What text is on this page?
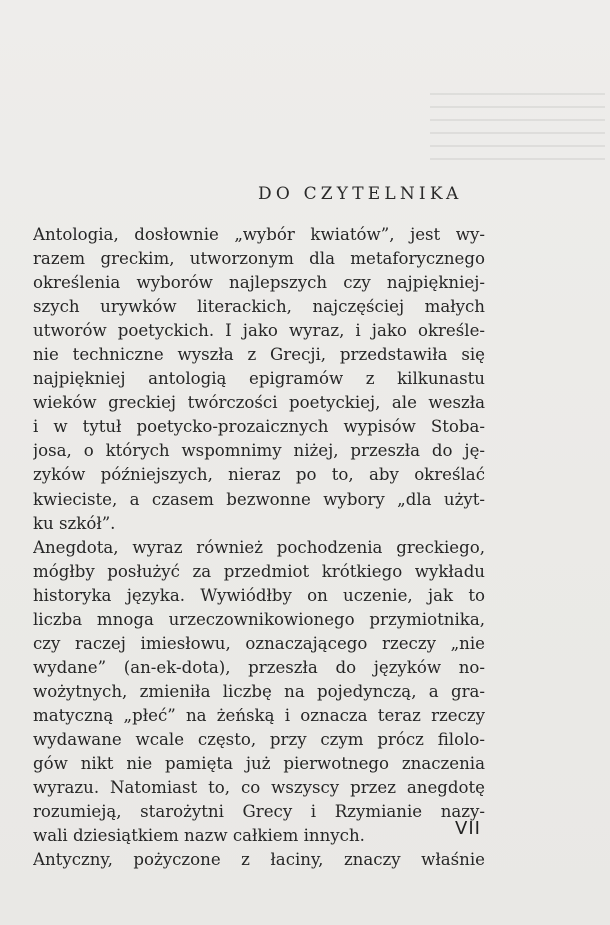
DO CZYTELNIKA
Antologia, dosłownie „wybór kwiatów”, jest wy-
razem greckim, utworzonym dla metaforycznego
określenia wyborów najlepszych czy najpiękniej-
szych urywków literackich, najczęściej małych
utworów poetyckich. I jako wyraz, i jako określe-
nie techniczne wyszła z Grecji, przedstawiła się
najpiękniej antologią epigramów z kilkunastu
wieków greckiej twórczości poetyckiej, ale weszła
i w tytuł poetycko-prozaicznych wypisów Stoba-
josa, o których wspomnimy niżej, przeszła do ję-
zyków późniejszych, nieraz po to, aby określać
kwieciste, a czasem bezwonne wybory „dla użyt-
ku szkół”.
Anegdota, wyraz również pochodzenia greckiego,
mógłby posłużyć za przedmiot krótkiego wykładu
historyka języka. Wywiódłby on uczenie, jak to
liczba mnoga urzeczownikowionego przymiotnika,
czy raczej imiesłowu, oznaczającego rzeczy „nie
wydane” (an-ek-dota), przeszła do języków no-
wożytnych, zmieniła liczbę na pojedynczą, a gra-
matyczną „płeć” na żeńską i oznacza teraz rzeczy
wydawane wcale często, przy czym prócz filolo-
gów nikt nie pamięta już pierwotnego znaczenia
wyrazu. Natomiast to, co wszyscy przez anegdotę
rozumieją, starożytni Grecy i Rzymianie nazy-
wali dziesiątkiem nazw całkiem innych.
Antyczny, pożyczone z łaciny, znaczy właśnie
VII
